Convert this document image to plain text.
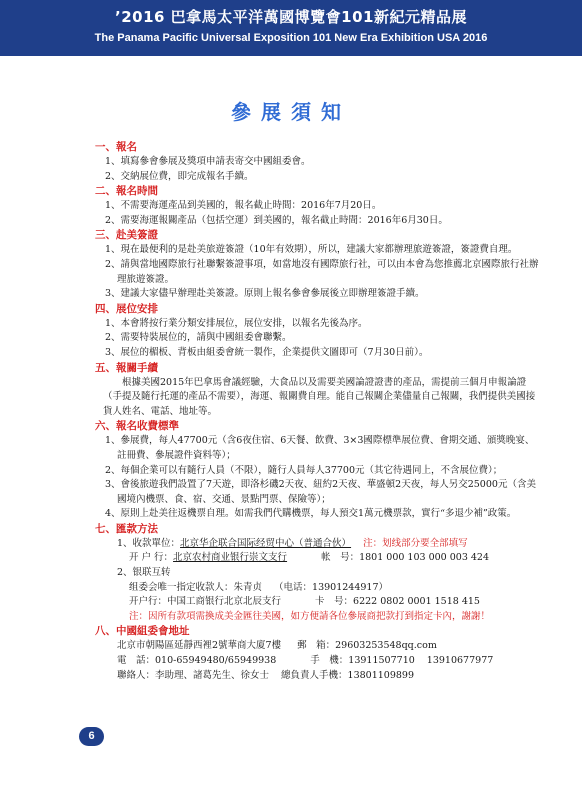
’2016 巴拿馬太平洋萬國博覽會101新紀元精品展
The Panama Pacific Universal Exposition 101 New Era Exhibition USA 2016
參展須知
一、報名
1、填寫參會參展及獎項申請表寄交中國組委會。
2、交納展位費，即完成報名手續。
二、報名時間
1、不需要海運產品到美國的，報名截止時間：2016年7月20日。
2、需要海運報關產品（包括空運）到美國的，報名截止時間：2016年6月30日。
三、赴美簽證
1、現在最便利的是赴美旅遊簽證（10年有效期），所以，建議大家都辦理旅遊簽證，簽證費自理。
2、請與當地國際旅行社聯繫簽證事項，如當地沒有國際旅行社，可以由本會為您推薦北京國際旅行社辦理旅遊簽證。
3、建議大家儘早辦理赴美簽證。原則上報名參會參展後立即辦理簽證手續。
四、展位安排
1、本會將按行業分類安排展位，展位安排，以報名先後為序。
2、需要特裝展位的，請與中國組委會聯繫。
3、展位的楣板、背板由組委會統一製作，企業提供文圖即可（7月30日前）。
五、報關手續
根據美國2015年巴拿馬會議經驗，大食品以及需要美國論證證書的產品，需提前三個月申報論證（手提及隨行托運的產品不需要），海運、報關費自理。能自己報關企業儘量自己報關，我們提供美國接貨人姓名、電話、地址等。
六、報名收費標準
1、參展費，每人47700元（含6夜住宿、6天餐、飲費、3×3國際標準展位費、會期交通、頒獎晚宴、註冊費、參展證件資料等）；
2、每個企業可以有隨行人員（不限），隨行人員每人37700元（其它待遇同上，不含展位費）；
3、會後旅遊我們設置了7天遊，即洛杉磯2天夜、紐約2天夜、華盛頓2天夜，每人另交25000元（含美國境內機票、食、宿、交通、景點門票、保險等）；
4、原則上赴美往返機票自理。如需我們代購機票，每人預交1萬元機票款，實行“多退少補”政策。
七、匯款方法
1、收款單位：北京华企联合国际经贸中心（普通合伙） 注：划线部分要全部填写
开 户 行：北京农村商业银行崇文支行	帐　号：1801 000 103 000 003 424
2、银联互转
组委会唯一指定收款人：朱青贞 （电话：13901244917）
开户行：中国工商银行北京北辰支行	卡　号：6222 0802 0001 1518 415
注：因所有款項需換成美金匯往美國，如方便請各位參展商把款打到指定卡內，謝謝！
八、中國組委會地址
北京市朝陽區延靜西裡2號華商大廈7樓 郵　箱：29603253548qq.com
電　話：010-65949480/65949938	手　機：13911507710 13910677977
聯絡人：李助理、諸葛先生、徐女士 總負責人手機：13801109899
6
